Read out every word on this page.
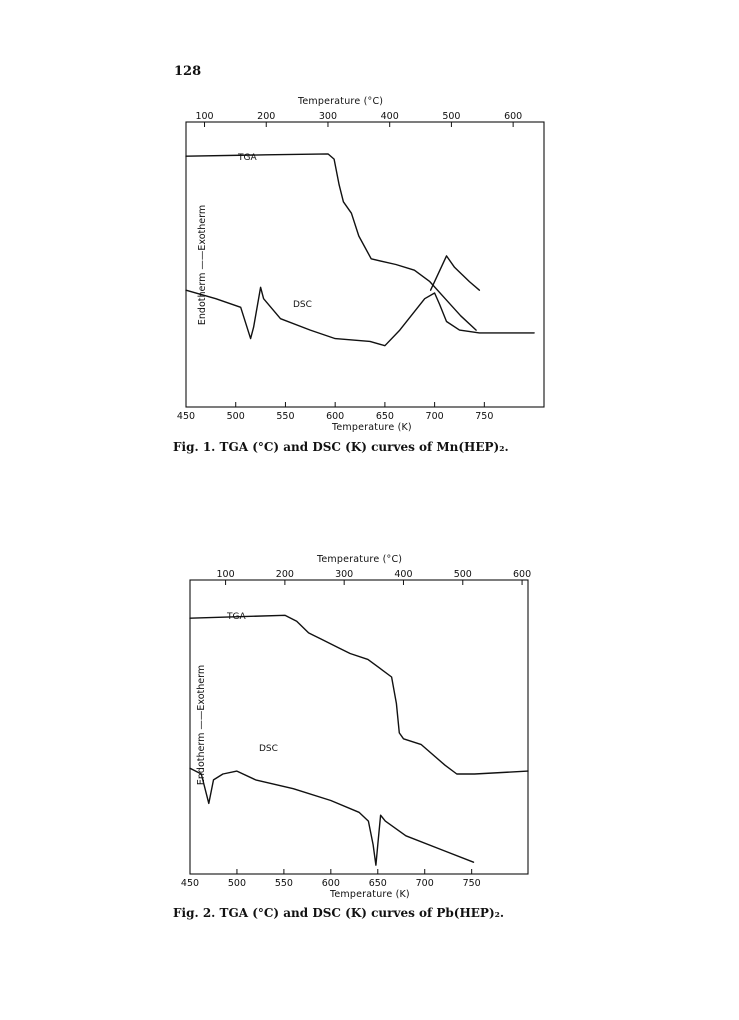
128
Temperature (°C)
100	200	300	400	500	600
450	500	550	600	650	700	750
Endotherm ——Exotherm
TGA
DSC
Temperature (K)
Fig. 1. TGA (°C) and DSC (K) curves of Mn(HEP)₂.
Temperature (°C)
100	200	300	400	500	600
450	500	550	600	650	700	750
Endotherm ——Exotherm
TGA
DSC
Temperature (K)
Fig. 2. TGA (°C) and DSC (K) curves of Pb(HEP)₂.
